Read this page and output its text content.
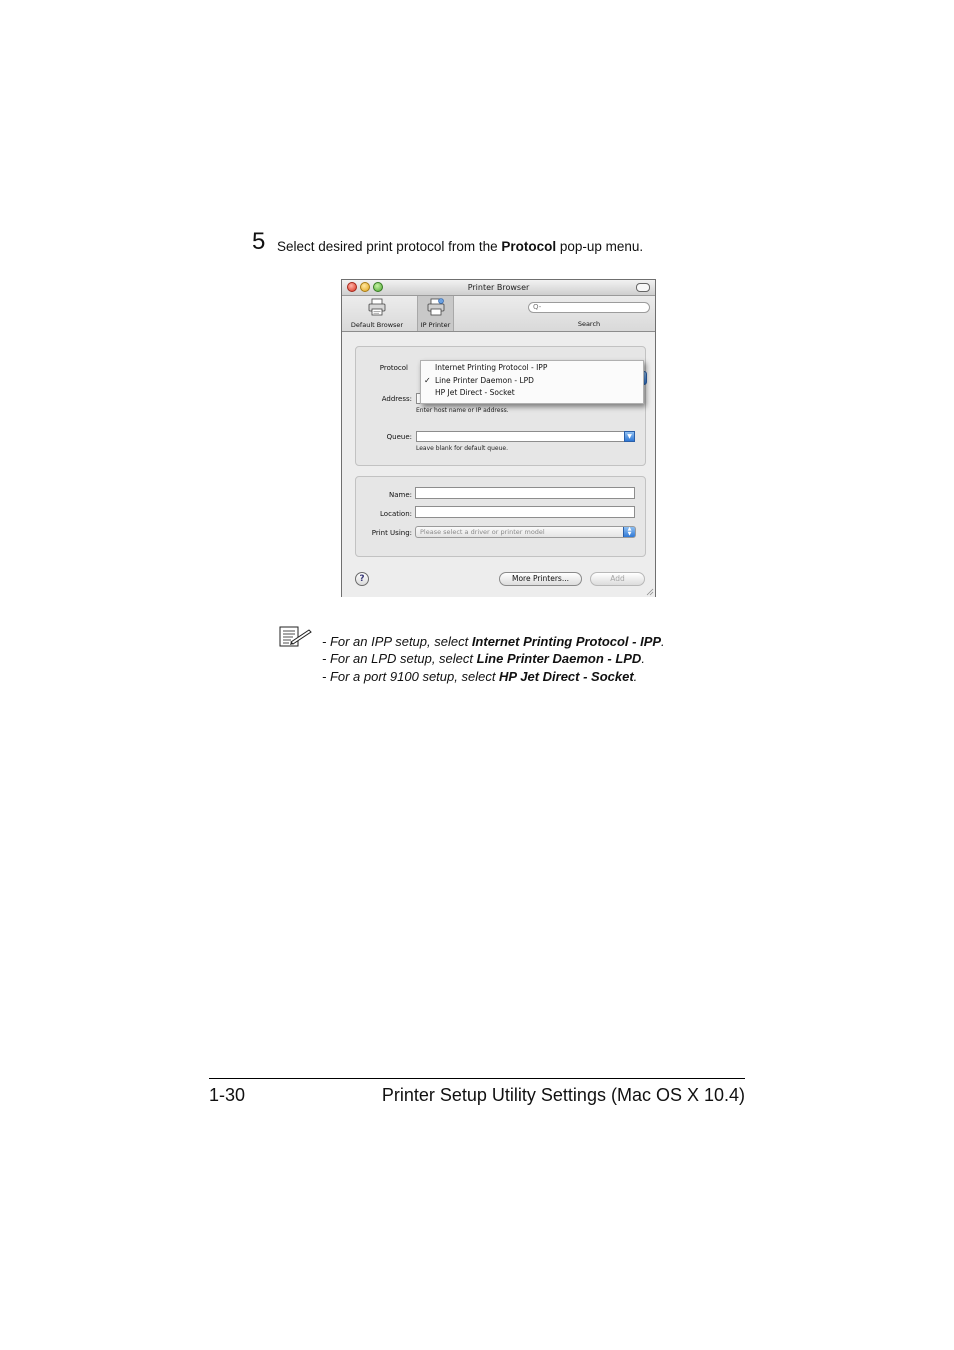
5 Select desired print protocol from the Protocol pop-up menu.
Printer Browser
Default Browser	IP Printer
Q-
Search
Protocol
Address:
Enter host name or IP address.
Queue:	▼
Leave blank for default queue.
Internet Printing Protocol - IPP
✓ Line Printer Daemon - LPD
HP Jet Direct - Socket
Name:
Location:
Print Using:	Please select a driver or printer model	▲
▼
?	More Printers...	Add
- For an IPP setup, select Internet Printing Protocol - IPP.
- For an LPD setup, select Line Printer Daemon - LPD.
- For a port 9100 setup, select HP Jet Direct - Socket.
1-30	Printer Setup Utility Settings (Mac OS X 10.4)
